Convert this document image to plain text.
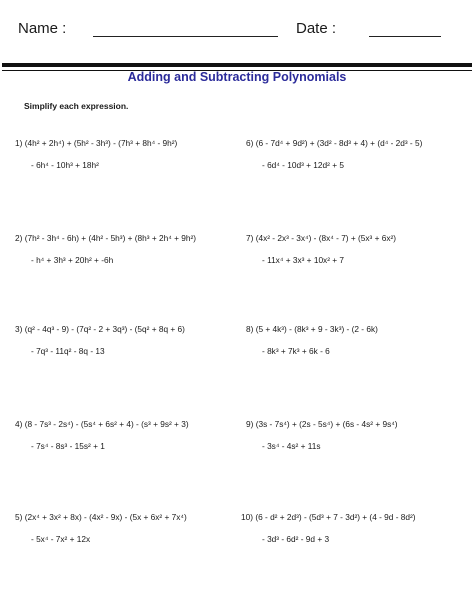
Name :	Date :
Adding and Subtracting Polynomials
Simplify each expression.
1) (4h² + 2h⁴) + (5h² - 3h³) - (7h³ + 8h⁴ - 9h²)
- 6h⁴ - 10h³ + 18h²
2) (7h² - 3h⁴ - 6h) + (4h² - 5h³) + (8h³ + 2h⁴ + 9h²)
- h⁴ + 3h³ + 20h² + -6h
3) (q² - 4q³ - 9) - (7q² - 2 + 3q³) - (5q² + 8q + 6)
- 7q³ - 11q² - 8q - 13
4) (8 - 7s³ - 2s⁴) - (5s⁴ + 6s² + 4) - (s³ + 9s² + 3)
- 7s⁴ - 8s³ - 15s² + 1
5) (2x⁴ + 3x² + 8x) - (4x² - 9x) - (5x + 6x² + 7x⁴)
- 5x⁴ - 7x² + 12x
6) (6 - 7d⁴ + 9d²) + (3d² - 8d³ + 4) + (d⁴ - 2d³ - 5)
- 6d⁴ - 10d³ + 12d² + 5
7) (4x² - 2x³ - 3x⁴) - (8x⁴ - 7) + (5x³ + 6x²)
- 11x⁴ + 3x³ + 10x² + 7
8) (5 + 4k³) - (8k³ + 9 - 3k³) - (2 - 6k)
- 8k³ + 7k³ + 6k - 6
9) (3s - 7s⁴) + (2s - 5s⁴) + (6s - 4s² + 9s⁴)
- 3s⁴ - 4s² + 11s
10) (6 - d² + 2d³) - (5d³ + 7 - 3d²) + (4 - 9d - 8d²)
- 3d³ - 6d² - 9d + 3
